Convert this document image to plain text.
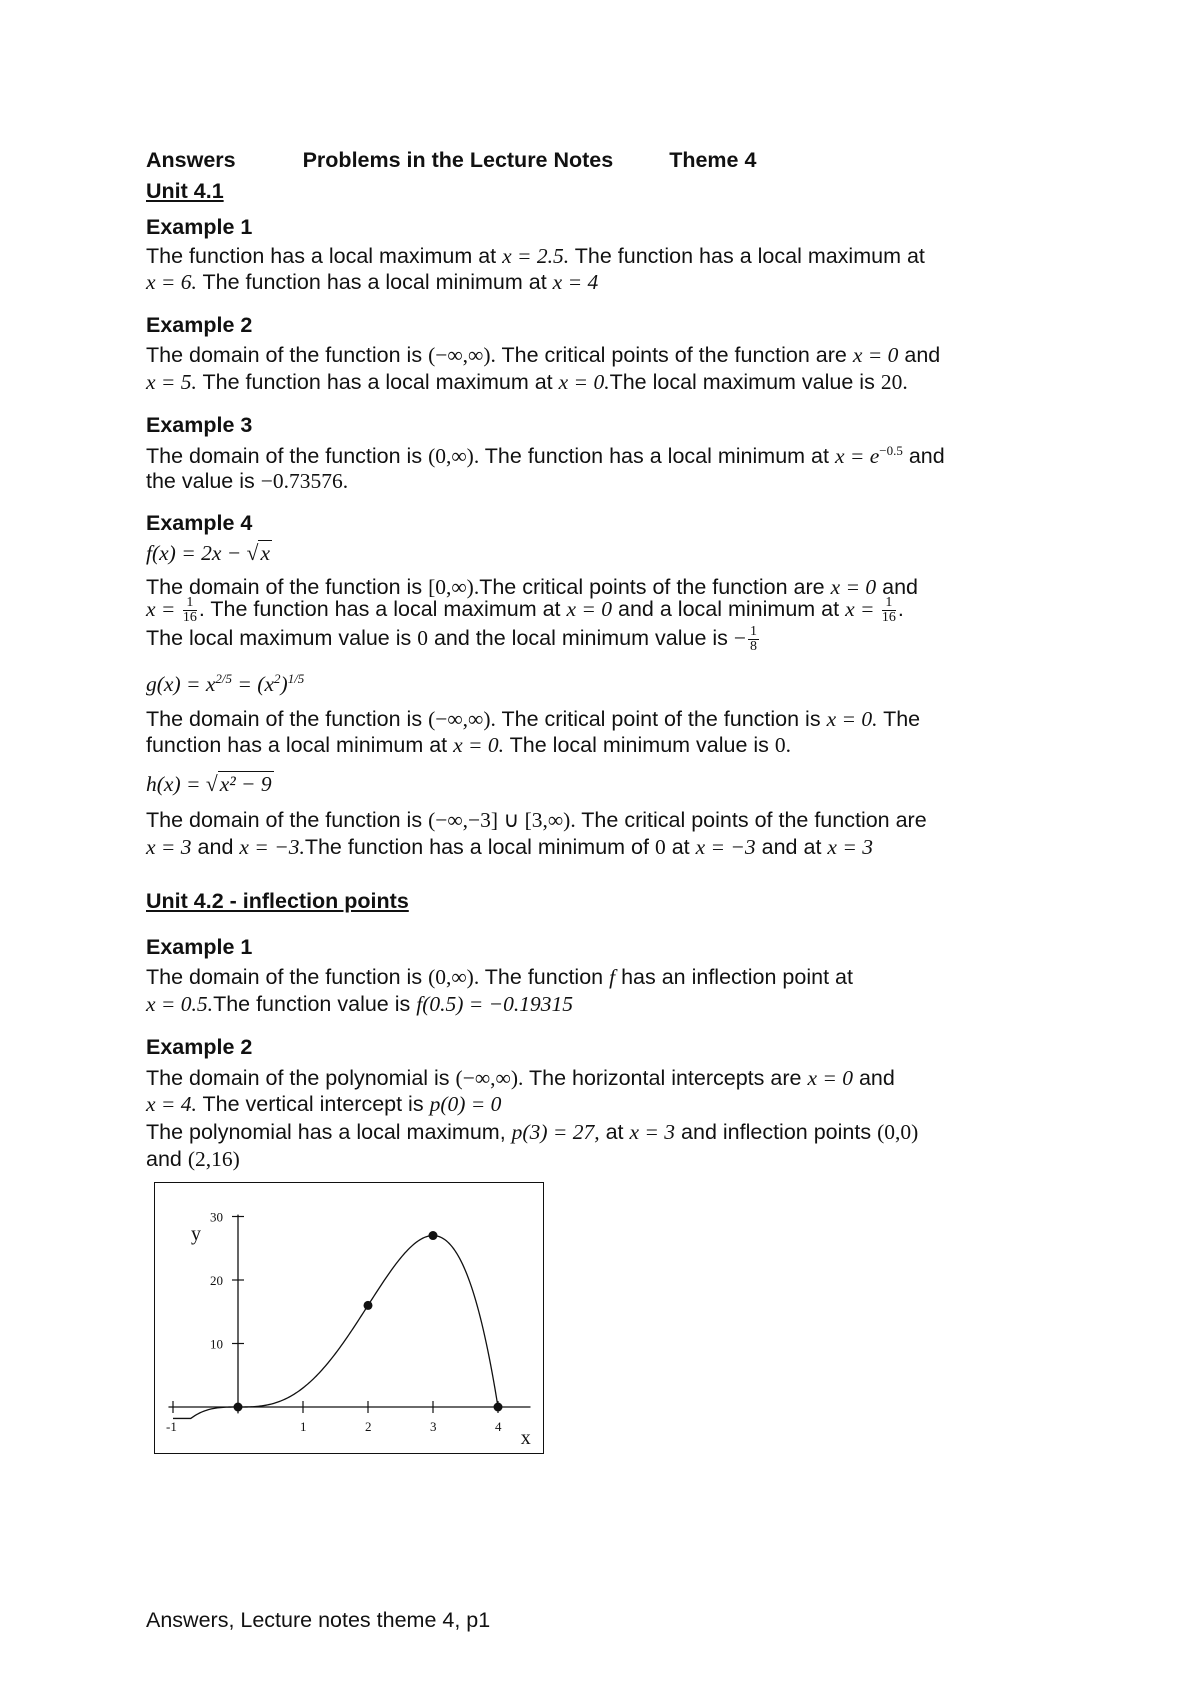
Answers	Problems in the Lecture Notes	Theme 4
Unit 4.1
Example 1
The function has a local maximum at x = 2.5. The function has a local maximum at
x = 6. The function has a local minimum at x = 4
Example 2
The domain of the function is (−∞,∞). The critical points of the function are x = 0 and
x = 5. The function has a local maximum at x = 0.The local maximum value is 20.
Example 3
The domain of the function is (0,∞). The function has a local minimum at $x = e^{-0.5}$ and
the value is −0.73576.
Example 4
f(x) = 2x − √x
The domain of the function is [0,∞).The critical points of the function are x = 0 and
$x = \frac{1}{16}$ . The function has a local maximum at x = 0 and a local minimum at $x = \frac{1}{16}$ .
The local maximum value is 0 and the local minimum value is − $\frac{1}{8}$
$g(x) = x^{2/5} = (x^2)^{1/5}$
The domain of the function is (−∞,∞). The critical point of the function is x = 0. The
function has a local minimum at x = 0. The local minimum value is 0.
h(x) = √x² − 9
The domain of the function is (−∞,−3] ∪ [3,∞). The critical points of the function are
x = 3 and x = −3.The function has a local minimum of 0 at x = −3 and at x = 3
Unit 4.2 - inflection points
Example 1
The domain of the function is (0,∞). The function f has an inflection point at
x = 0.5.The function value is f(0.5) = −0.19315
Example 2
The domain of the polynomial is (−∞,∞). The horizontal intercepts are x = 0 and
x = 4. The vertical intercept is p(0) = 0
The polynomial has a local maximum, p(3) = 27, at x = 3 and inflection points (0,0)
and (2,16)
-1	1	2	3	4
10
20
30
x
y
Answers, Lecture notes theme 4, p1
